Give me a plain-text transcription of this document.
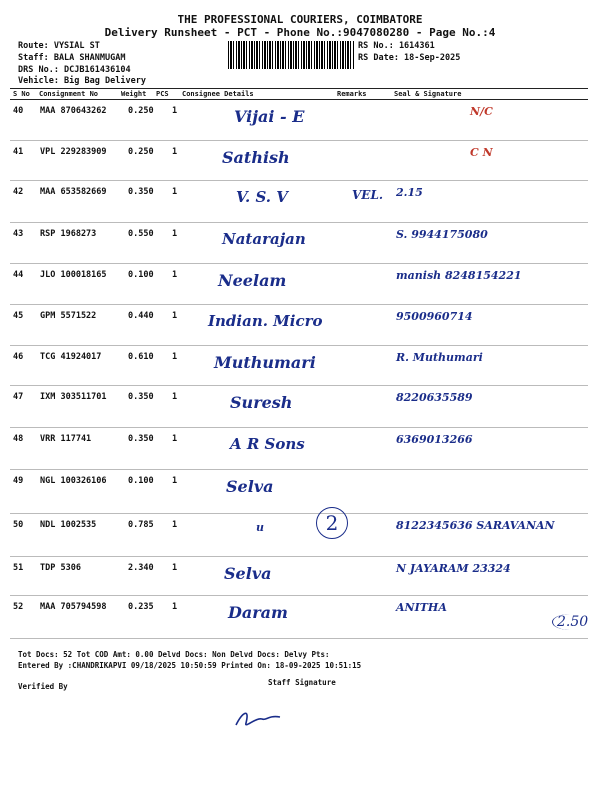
THE PROFESSIONAL COURIERS, COIMBATORE
Delivery Runsheet - PCT - Phone No.:9047080280 - Page No.:4
Route: VYSIAL ST
Staff: BALA SHANMUGAM
DRS No.: DCJB161436104
Vehicle: Big Bag Delivery
RS No.: 1614361
RS Date: 18-Sep-2025
S No Consignment No	Weight PCS Consignee Details	Remarks	Seal & Signature
40 MAA 870643262	0.250 1	Vijai - E	N/C
41 VPL 229283909	0.250 1	Sathish	C N
42 MAA 653582669	0.350 1	V. S. V	VEL. 2.15
43 RSP 1968273	0.550 1	Natarajan	S. 9944175080
44 JLO 100018165	0.100 1	Neelam	manish 8248154221
45 GPM 5571522	0.440 1 Indian. Micro	9500960714
46 TCG 41924017	0.610 1 Muthumari	R. Muthumari
47 IXM 303511701	0.350 1	Suresh	8220635589
48 VRR 117741	0.350 1	A R Sons	6369013266
49 NGL 100326106	0.100 1	Selva
50 NDL 1002535	0.785 1	u	8122345636 SARAVANAN
51 TDP 5306	2.340 1	Selva	N JAYARAM 23324
52 MAA 705794598	0.235 1	Daram	ANITHA
2
2.50
Tot Docs: 52 Tot COD Amt: 0.00 Delvd Docs: Non Delvd Docs: Delvy Pts:
Entered By :CHANDRIKAPVI 09/18/2025 10:50:59 Printed On: 18-09-2025 10:51:15
Verified By	Staff Signature
